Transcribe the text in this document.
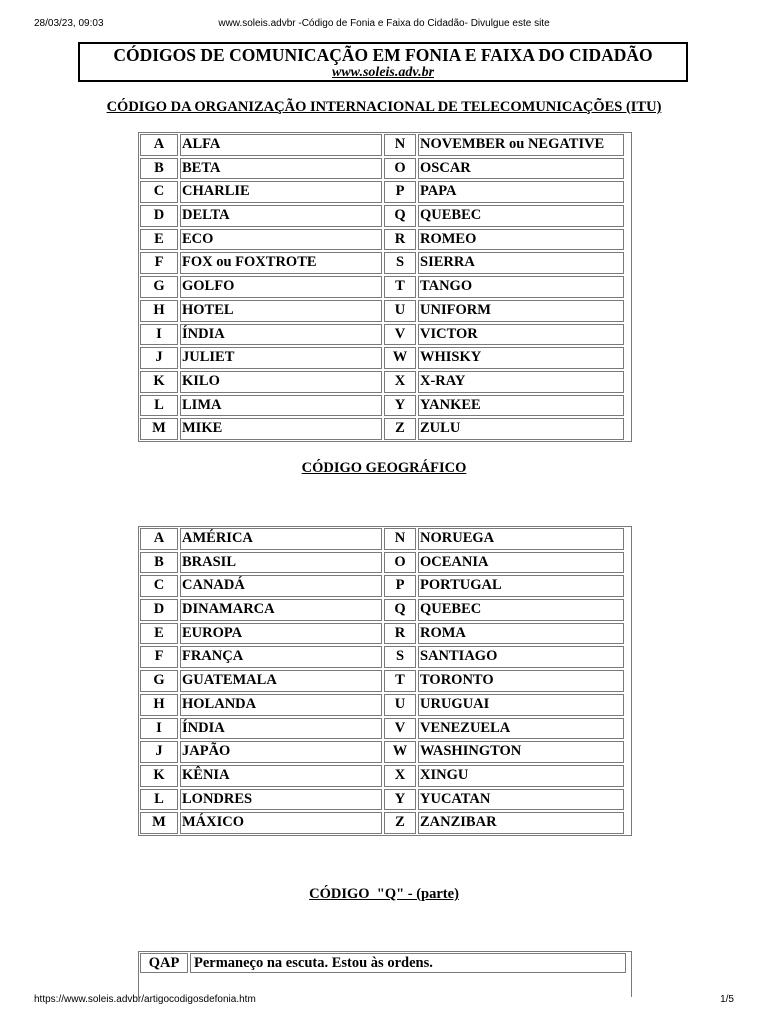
28/03/23, 09:03	www.soleis.advbr -Código de Fonia e Faixa do Cidadão- Divulgue este site
CÓDIGOS DE COMUNICAÇÃO EM FONIA E FAIXA DO CIDADÃO
www.soleis.adv.br
CÓDIGO DA ORGANIZAÇÃO INTERNACIONAL DE TELECOMUNICAÇÕES (ITU)
A	ALFA	N	NOVEMBER ou NEGATIVE
B	BETA	O OSCAR
C	CHARLIE	P	PAPA
D	DELTA	Q QUEBEC
E	ECO	R	ROMEO
F	FOX ou FOXTROTE	S	SIERRA
G	GOLFO	T	TANGO
H	HOTEL	U	UNIFORM
I	ÍNDIA	V	VICTOR
J	JULIET	W WHISKY
K	KILO	X	X-RAY
L	LIMA	Y	YANKEE
M	MIKE	Z	ZULU
CÓDIGO GEOGRÁFICO
A	AMÉRICA	N	NORUEGA
B	BRASIL	O OCEANIA
C	CANADÁ	P	PORTUGAL
D	DINAMARCA	Q QUEBEC
E	EUROPA	R	ROMA
F	FRANÇA	S	SANTIAGO
G	GUATEMALA	T	TORONTO
H	HOLANDA	U	URUGUAI
I	ÍNDIA	V	VENEZUELA
J	JAPÃO	W WASHINGTON
K	KÊNIA	X	XINGU
L	LONDRES	Y	YUCATAN
M	MÁXICO	Z	ZANZIBAR
CÓDIGO  "Q" - (parte)
QAP	Permaneço na escuta. Estou às ordens.
https://www.soleis.advbr/artigocodigosdefonia.htm	1/5
